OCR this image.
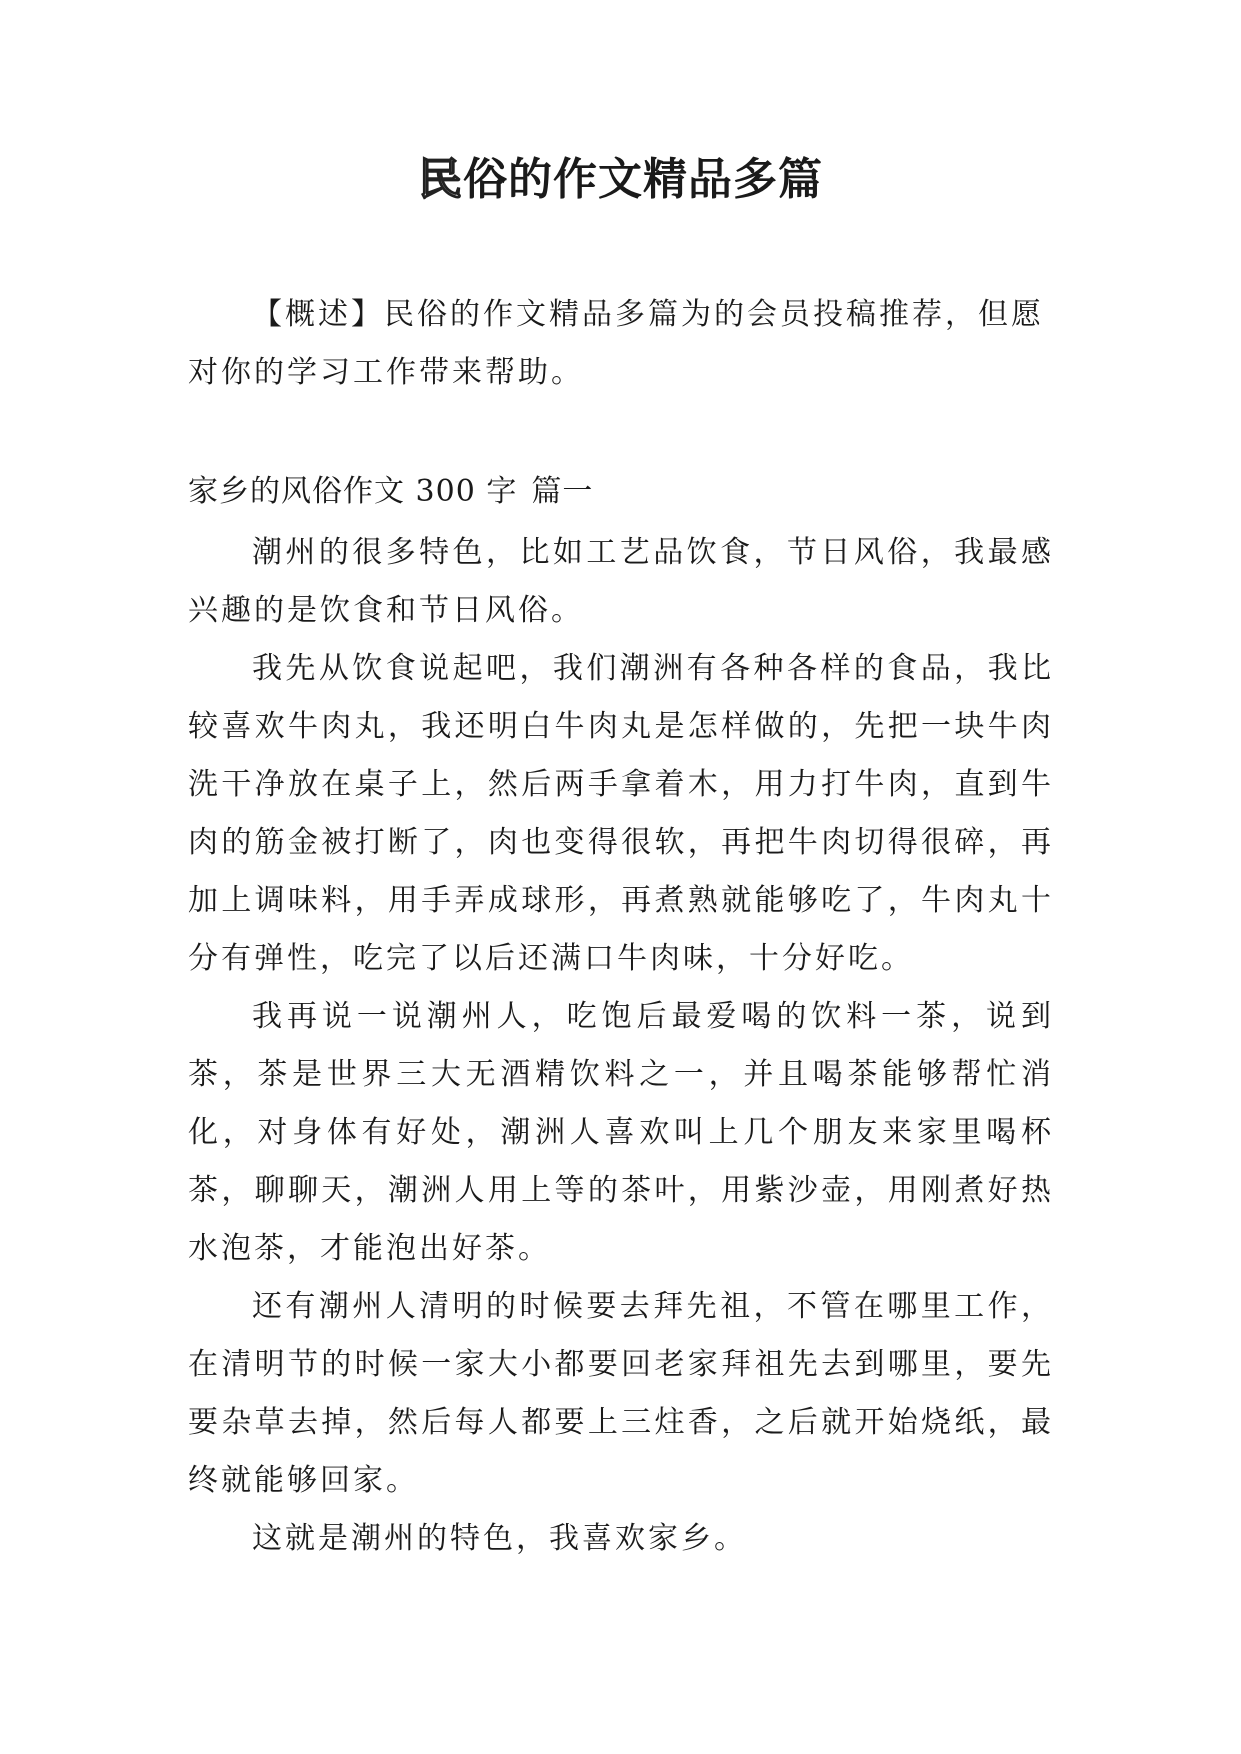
民俗的作文精品多篇

【概述】民俗的作文精品多篇为的会员投稿推荐，但愿对你的学习工作带来帮助。

家乡的风俗作文 300 字 篇一

潮州的很多特色，比如工艺品饮食，节日风俗，我最感兴趣的是饮食和节日风俗。

我先从饮食说起吧，我们潮洲有各种各样的食品，我比较喜欢牛肉丸，我还明白牛肉丸是怎样做的，先把一块牛肉洗干净放在桌子上，然后两手拿着木，用力打牛肉，直到牛肉的筋金被打断了，肉也变得很软，再把牛肉切得很碎，再加上调味料，用手弄成球形，再煮熟就能够吃了，牛肉丸十分有弹性，吃完了以后还满口牛肉味，十分好吃。

我再说一说潮州人，吃饱后最爱喝的饮料一茶，说到茶，茶是世界三大无酒精饮料之一，并且喝茶能够帮忙消化，对身体有好处，潮洲人喜欢叫上几个朋友来家里喝杯茶，聊聊天，潮洲人用上等的茶叶，用紫沙壶，用刚煮好热水泡茶，才能泡出好茶。

还有潮州人清明的时候要去拜先祖，不管在哪里工作，在清明节的时候一家大小都要回老家拜祖先去到哪里，要先要杂草去掉，然后每人都要上三炷香，之后就开始烧纸，最终就能够回家。

这就是潮州的特色，我喜欢家乡。
